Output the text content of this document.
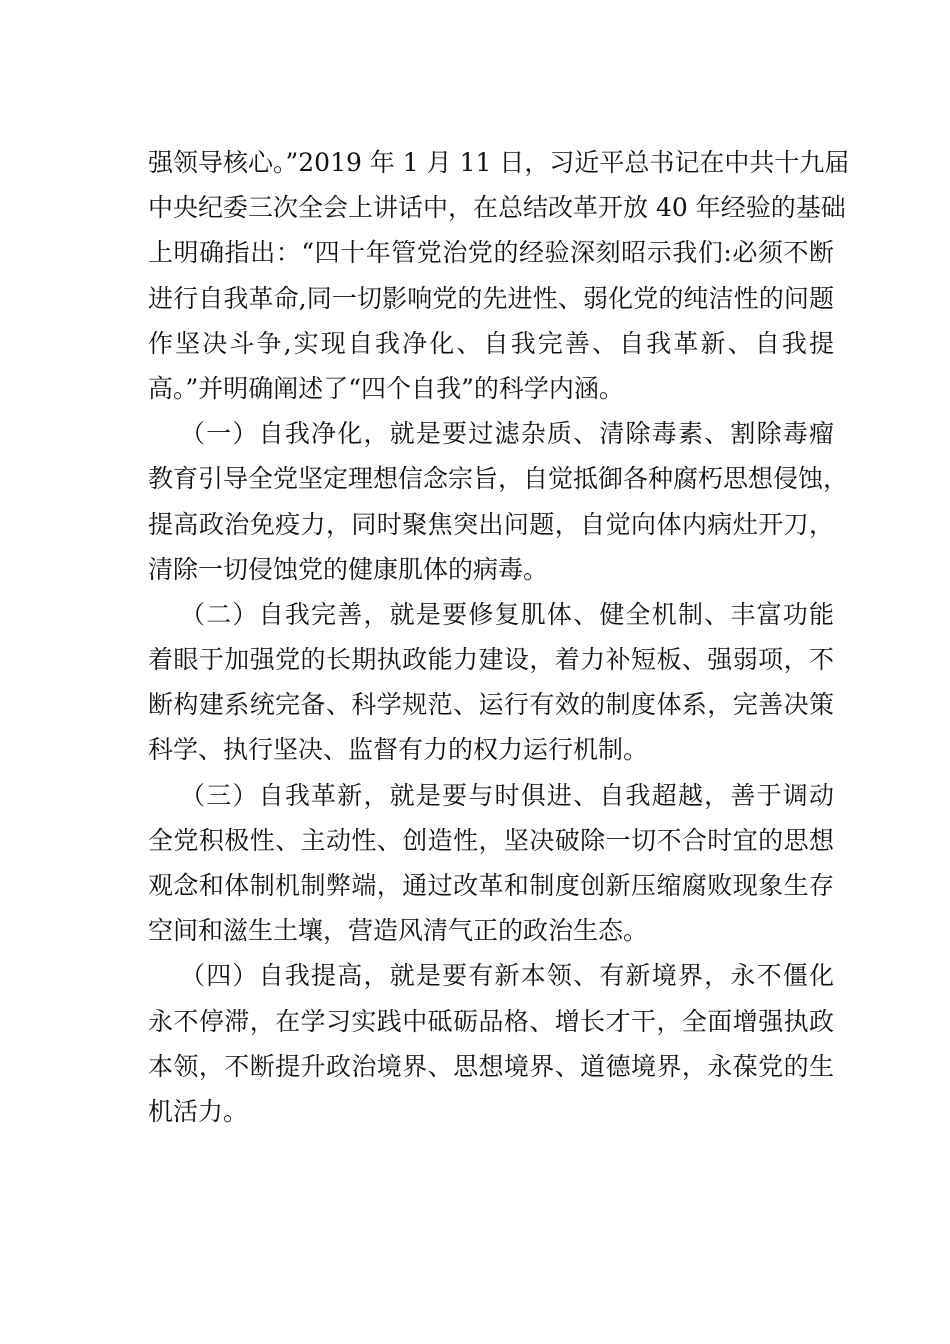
强领导核心。”2019 年 1 月 11 日，习近平总书记在中共十九届
中央纪委三次全会上讲话中，在总结改革开放 40 年经验的基础
上明确指出：“四十年管党治党的经验深刻昭示我们:必须不断
进行自我革命,同一切影响党的先进性、弱化党的纯洁性的问题
作坚决斗争,实现自我净化、自我完善、自我革新、自我提
高。”并明确阐述了“四个自我”的科学内涵。
（一）自我净化，就是要过滤杂质、清除毒素、割除毒瘤
教育引导全党坚定理想信念宗旨，自觉抵御各种腐朽思想侵蚀，
提高政治免疫力，同时聚焦突出问题，自觉向体内病灶开刀，
清除一切侵蚀党的健康肌体的病毒。
（二）自我完善，就是要修复肌体、健全机制、丰富功能
着眼于加强党的长期执政能力建设，着力补短板、强弱项，不
断构建系统完备、科学规范、运行有效的制度体系，完善决策
科学、执行坚决、监督有力的权力运行机制。
（三）自我革新，就是要与时俱进、自我超越，善于调动
全党积极性、主动性、创造性，坚决破除一切不合时宜的思想
观念和体制机制弊端，通过改革和制度创新压缩腐败现象生存
空间和滋生土壤，营造风清气正的政治生态。
（四）自我提高，就是要有新本领、有新境界，永不僵化
永不停滞，在学习实践中砥砺品格、增长才干，全面增强执政
本领，不断提升政治境界、思想境界、道德境界，永葆党的生
机活力。
